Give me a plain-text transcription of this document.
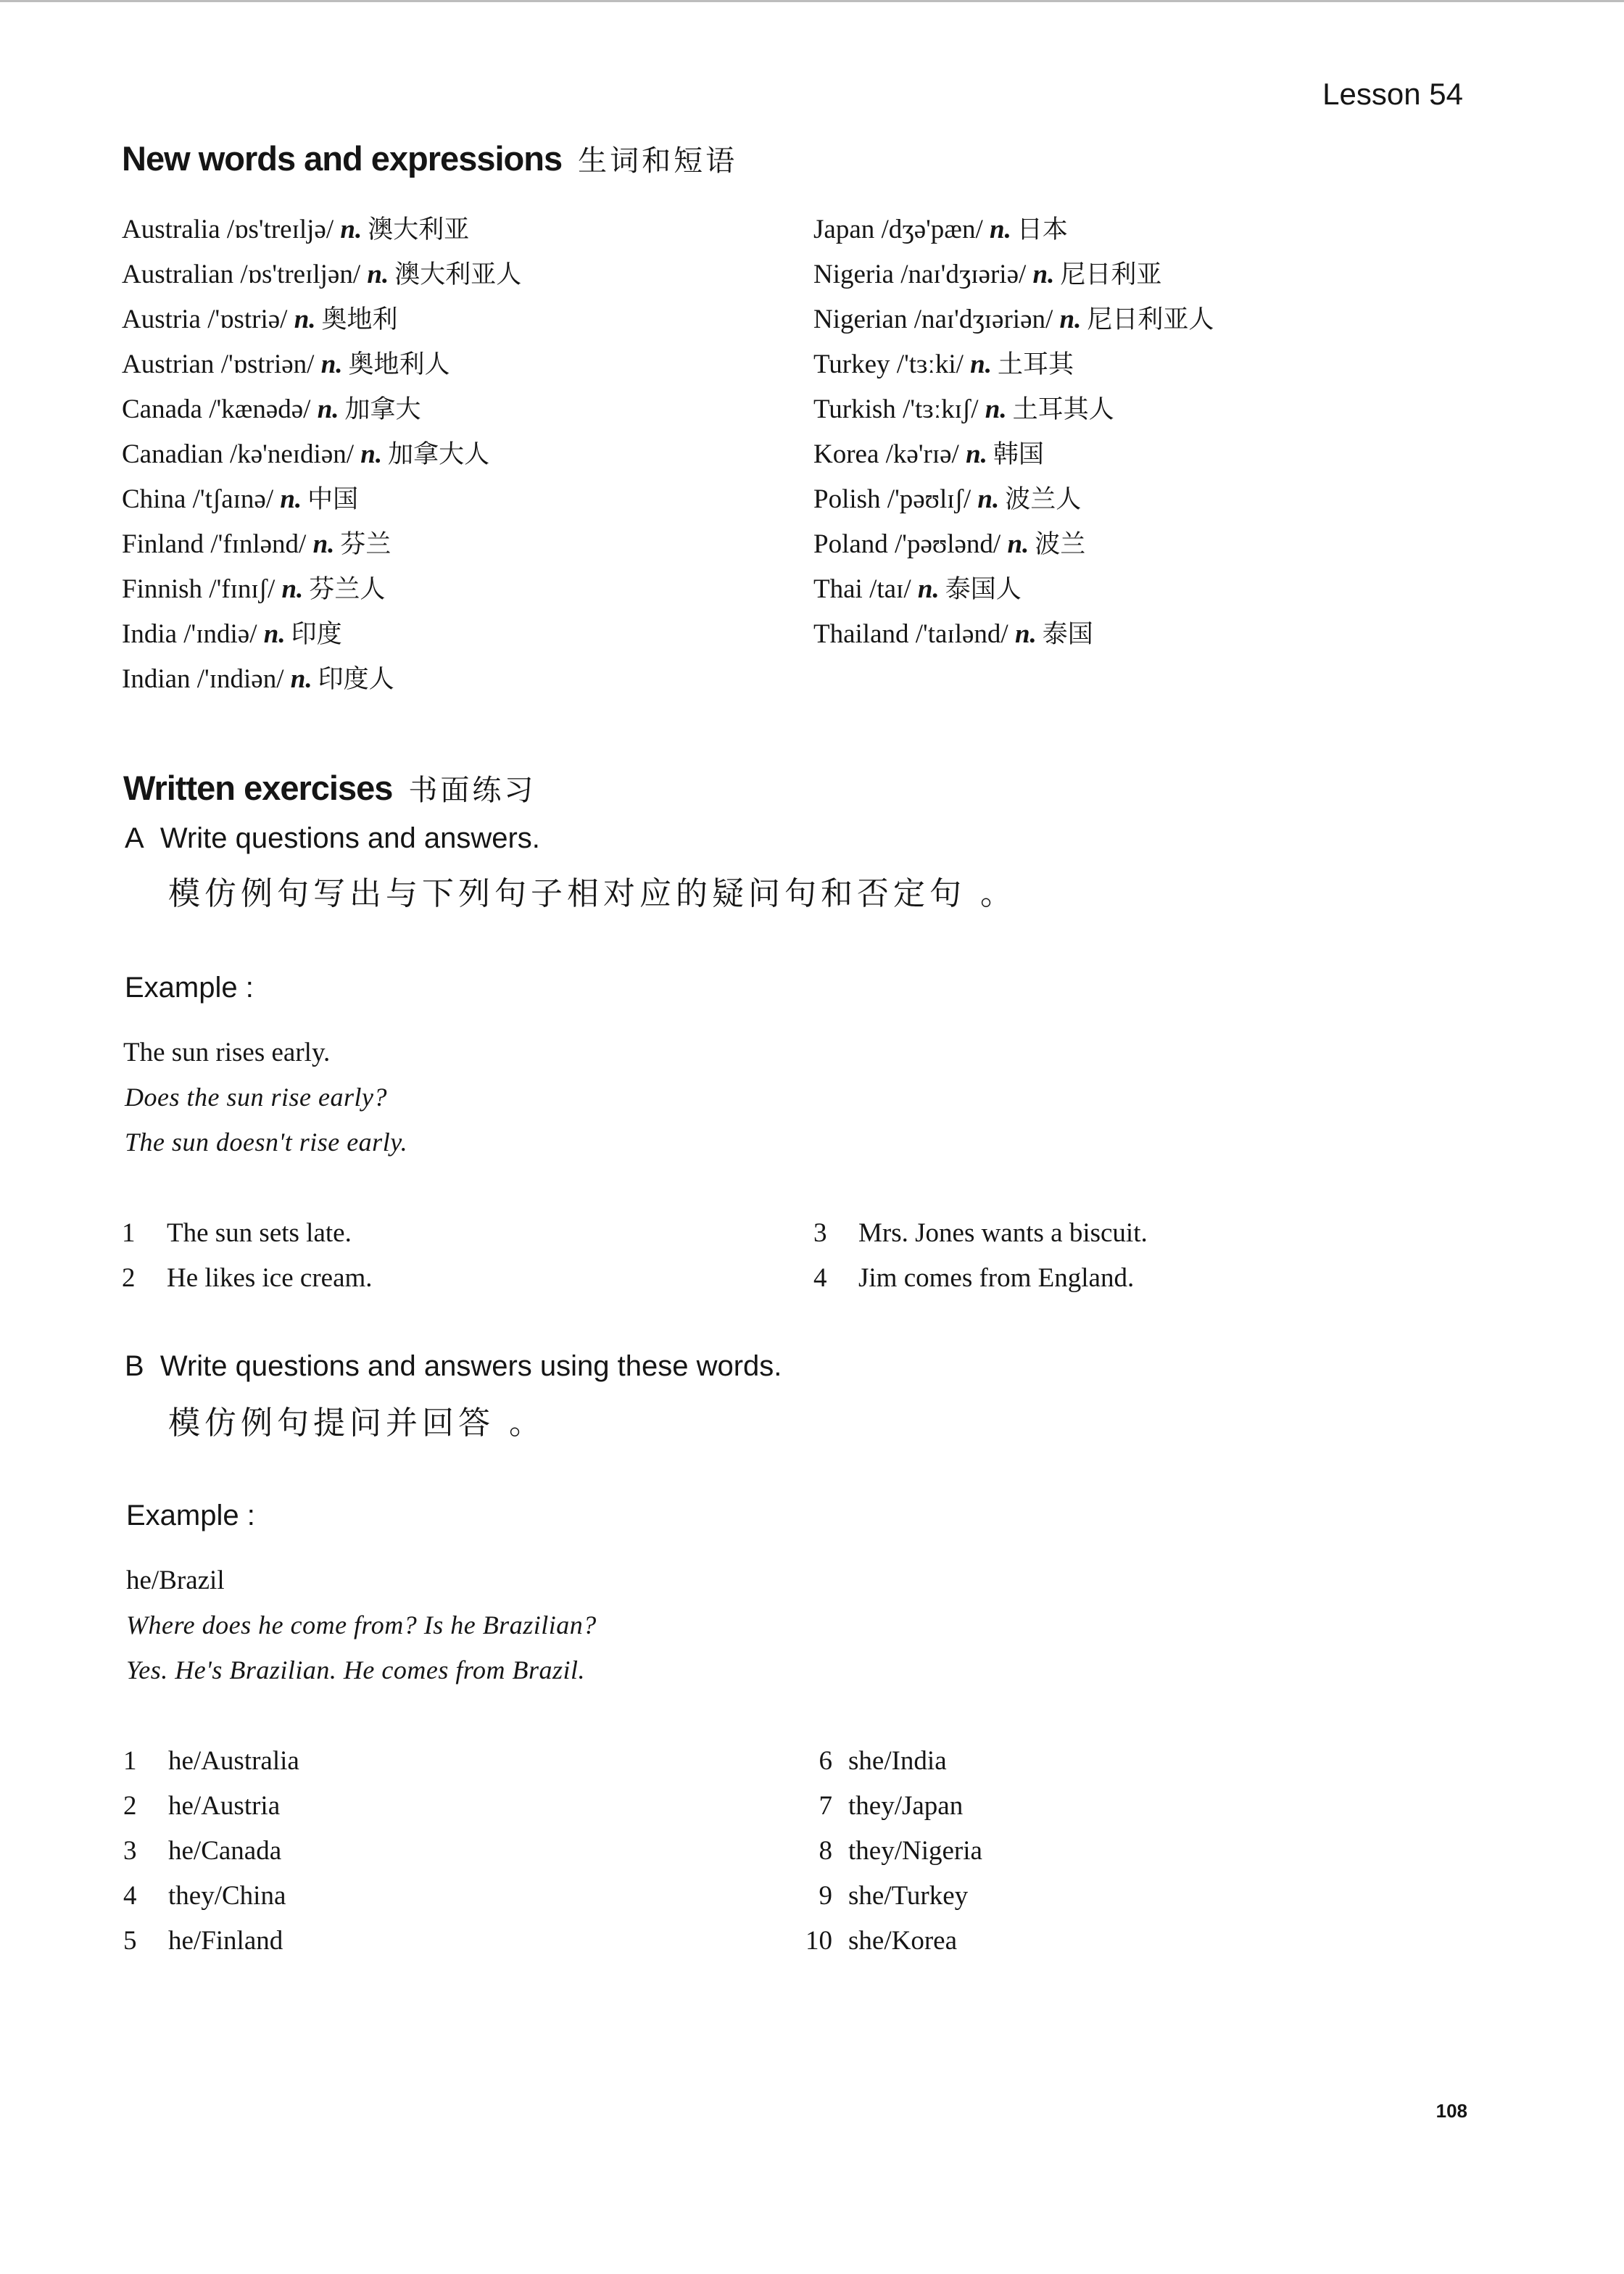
Lesson 54
New words and expressions 生词和短语
Australia /ɒs'treɪljə/ n. 澳大利亚
Australian /ɒs'treɪljən/ n. 澳大利亚人
Austria /'ɒstriə/ n. 奥地利
Austrian /'ɒstriən/ n. 奥地利人
Canada /'kænədə/ n. 加拿大
Canadian /kə'neɪdiən/ n. 加拿大人
China /'tʃaɪnə/ n. 中国
Finland /'fɪnlənd/ n. 芬兰
Finnish /'fɪnɪʃ/ n. 芬兰人
India /'ɪndiə/ n. 印度
Indian /'ɪndiən/ n. 印度人
Japan /dʒə'pæn/ n. 日本
Nigeria /naɪ'dʒɪəriə/ n. 尼日利亚
Nigerian /naɪ'dʒɪəriən/ n. 尼日利亚人
Turkey /'tɜːki/ n. 土耳其
Turkish /'tɜːkɪʃ/ n. 土耳其人
Korea /kə'rɪə/ n. 韩国
Polish /'pəʊlɪʃ/ n. 波兰人
Poland /'pəʊlənd/ n. 波兰
Thai /taɪ/ n. 泰国人
Thailand /'taɪlənd/ n. 泰国
Written exercises 书面练习
A Write questions and answers.
模仿例句写出与下列句子相对应的疑问句和否定句 。
Example :
The sun rises early.
Does the sun rise early?
The sun doesn't rise early.
1 The sun sets late.
2 He likes ice cream.
3 Mrs. Jones wants a biscuit.
4 Jim comes from England.
B Write questions and answers using these words.
模仿例句提问并回答 。
Example :
he/Brazil
Where does he come from? Is he Brazilian?
Yes. He's Brazilian. He comes from Brazil.
1 he/Australia
2 he/Austria
3 he/Canada
4 they/China
5 he/Finland
6 she/India
7 they/Japan
8 they/Nigeria
9 she/Turkey
10 she/Korea
108
